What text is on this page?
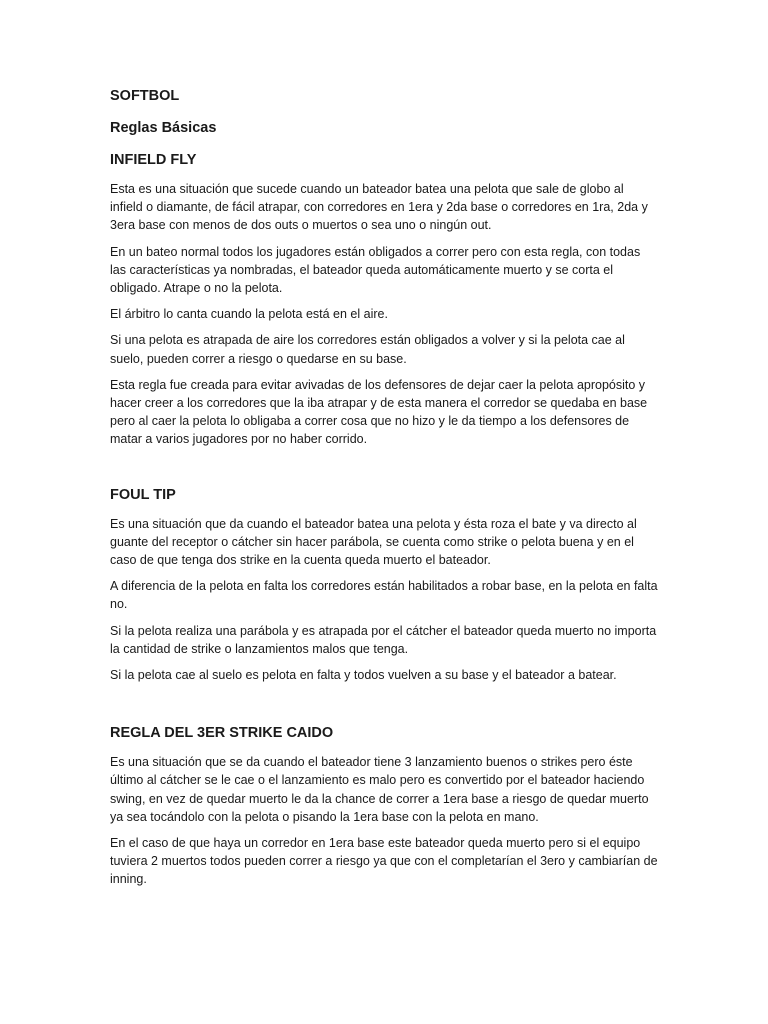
SOFTBOL

Reglas Básicas

INFIELD FLY

Esta es una situación que sucede cuando un bateador batea una pelota que sale de globo al infield o diamante, de fácil atrapar, con corredores en 1era y 2da base o corredores en 1ra, 2da y 3era base con menos de dos outs o muertos o sea uno o ningún out.

En un bateo normal todos los jugadores están obligados a correr pero con esta regla, con todas las características ya nombradas, el bateador queda automáticamente muerto y se corta el obligado. Atrape o no la pelota.

El árbitro lo canta cuando la pelota está en el aire.

Si una pelota es atrapada de aire los corredores están obligados a volver y si la pelota cae al suelo, pueden correr a riesgo o quedarse en su base.

Esta regla fue creada para evitar avivadas de los defensores de dejar caer la pelota apropósito y hacer creer a los corredores que la iba atrapar y de esta manera el corredor se quedaba en base pero al caer la pelota lo obligaba a correr cosa que no hizo y le da tiempo a los defensores de matar a varios jugadores por no haber corrido.

FOUL TIP

Es una situación que da cuando el bateador batea una pelota y ésta roza el bate y va directo al guante del receptor o cátcher sin hacer parábola, se cuenta como strike o pelota buena y en el caso de que tenga dos strike en la cuenta queda muerto el bateador.

A diferencia de la pelota en falta los corredores están habilitados a robar base, en la pelota en falta no.

Si la pelota realiza una parábola y es atrapada por el cátcher el bateador queda muerto no importa la cantidad de strike o lanzamientos malos que tenga.

Si la pelota cae al suelo es pelota en falta y todos vuelven a su base y el bateador a batear.

REGLA DEL 3ER STRIKE CAIDO

Es una situación que se da cuando el bateador tiene 3 lanzamiento buenos o strikes pero éste último al cátcher se le cae o el lanzamiento es malo pero es convertido por el bateador haciendo swing, en vez de quedar muerto le da la chance de correr a 1era base a riesgo de quedar muerto ya sea tocándolo con la pelota o pisando la 1era base con la pelota en mano.

En el caso de que haya un corredor en 1era base este bateador queda muerto pero si el equipo tuviera 2 muertos todos pueden correr a riesgo ya que con el completarían el 3ero y cambiarían de inning.
